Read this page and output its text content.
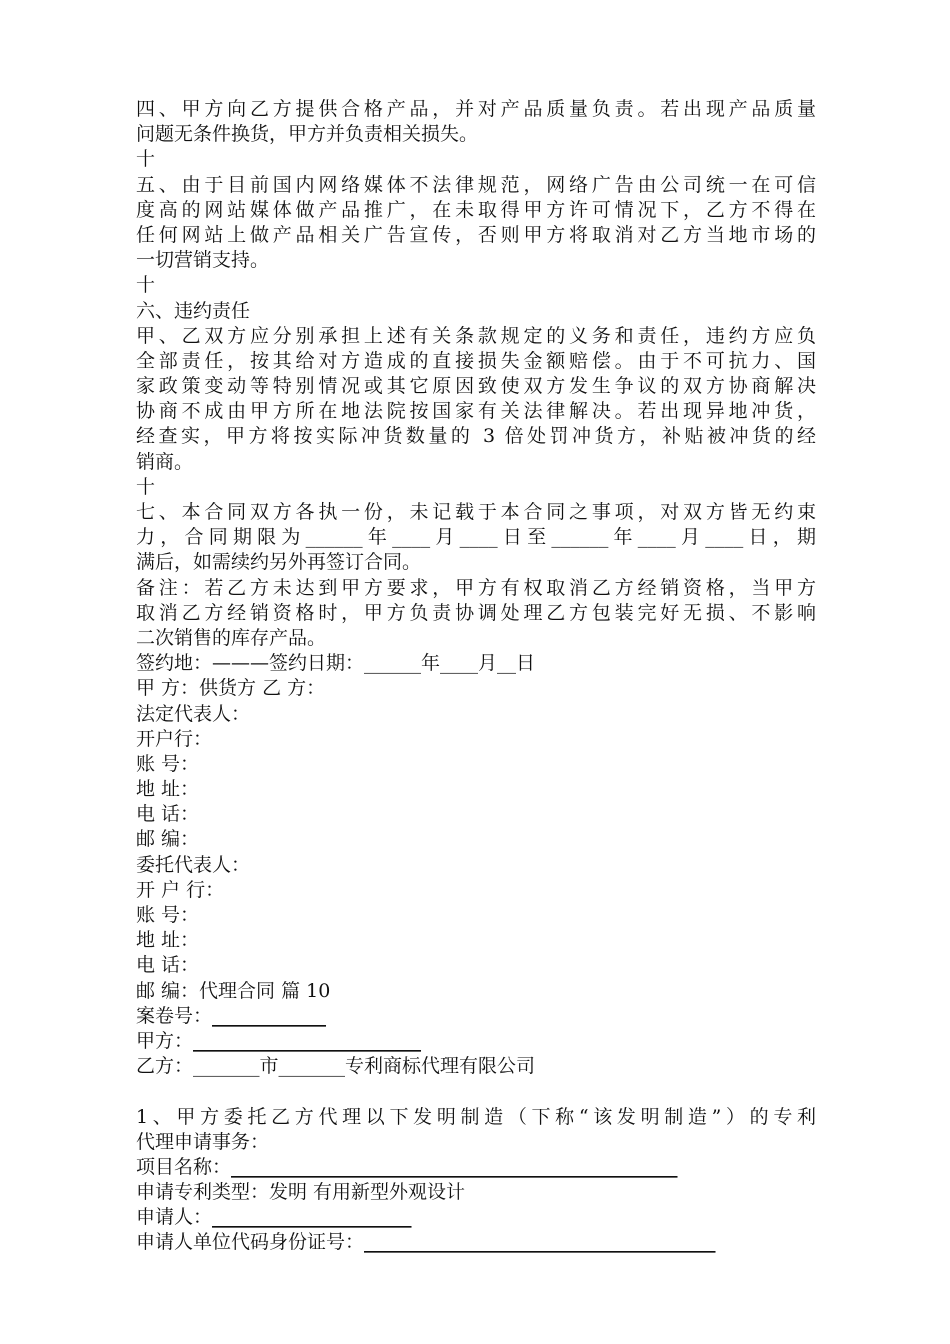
四、甲方向乙方提供合格产品，并对产品质量负责。若出现产品质量
问题无条件换货，甲方并负责相关损失。
十
五、由于目前国内网络媒体不法律规范，网络广告由公司统一在可信
度高的网站媒体做产品推广，在未取得甲方许可情况下，乙方不得在
任何网站上做产品相关广告宣传，否则甲方将取消对乙方当地市场的
一切营销支持。
十
六、违约责任
甲、乙双方应分别承担上述有关条款规定的义务和责任，违约方应负
全部责任，按其给对方造成的直接损失金额赔偿。由于不可抗力、国
家政策变动等特别情况或其它原因致使双方发生争议的双方协商解决
协商不成由甲方所在地法院按国家有关法律解决。若出现异地冲货，
经查实，甲方将按实际冲货数量的 3 倍处罚冲货方，补贴被冲货的经
销商。
十
七、本合同双方各执一份，未记载于本合同之事项，对双方皆无约束
力，合同期限为______年____月____日至______年____月____日，期
满后，如需续约另外再签订合同。
备注：若乙方未达到甲方要求，甲方有权取消乙方经销资格，当甲方
取消乙方经销资格时，甲方负责协调处理乙方包装完好无损、不影响
二次销售的库存产品。
签约地：———签约日期：______年____月__日
甲 方：供货方 乙 方：
法定代表人：
开户行：
账 号：
地 址：
电 话：
邮 编：
委托代表人：
开 户 行：
账 号：
地 址：
电 话：
邮 编：代理合同 篇 10
案卷号：____________
甲方：________________________
乙方：_______市_______专利商标代理有限公司
1、甲方委托乙方代理以下发明制造（下称“该发明制造”）的专利
代理申请事务：
项目名称：_______________________________________________
申请专利类型：发明 有用新型外观设计
申请人：_____________________
申请人单位代码身份证号：_____________________________________
